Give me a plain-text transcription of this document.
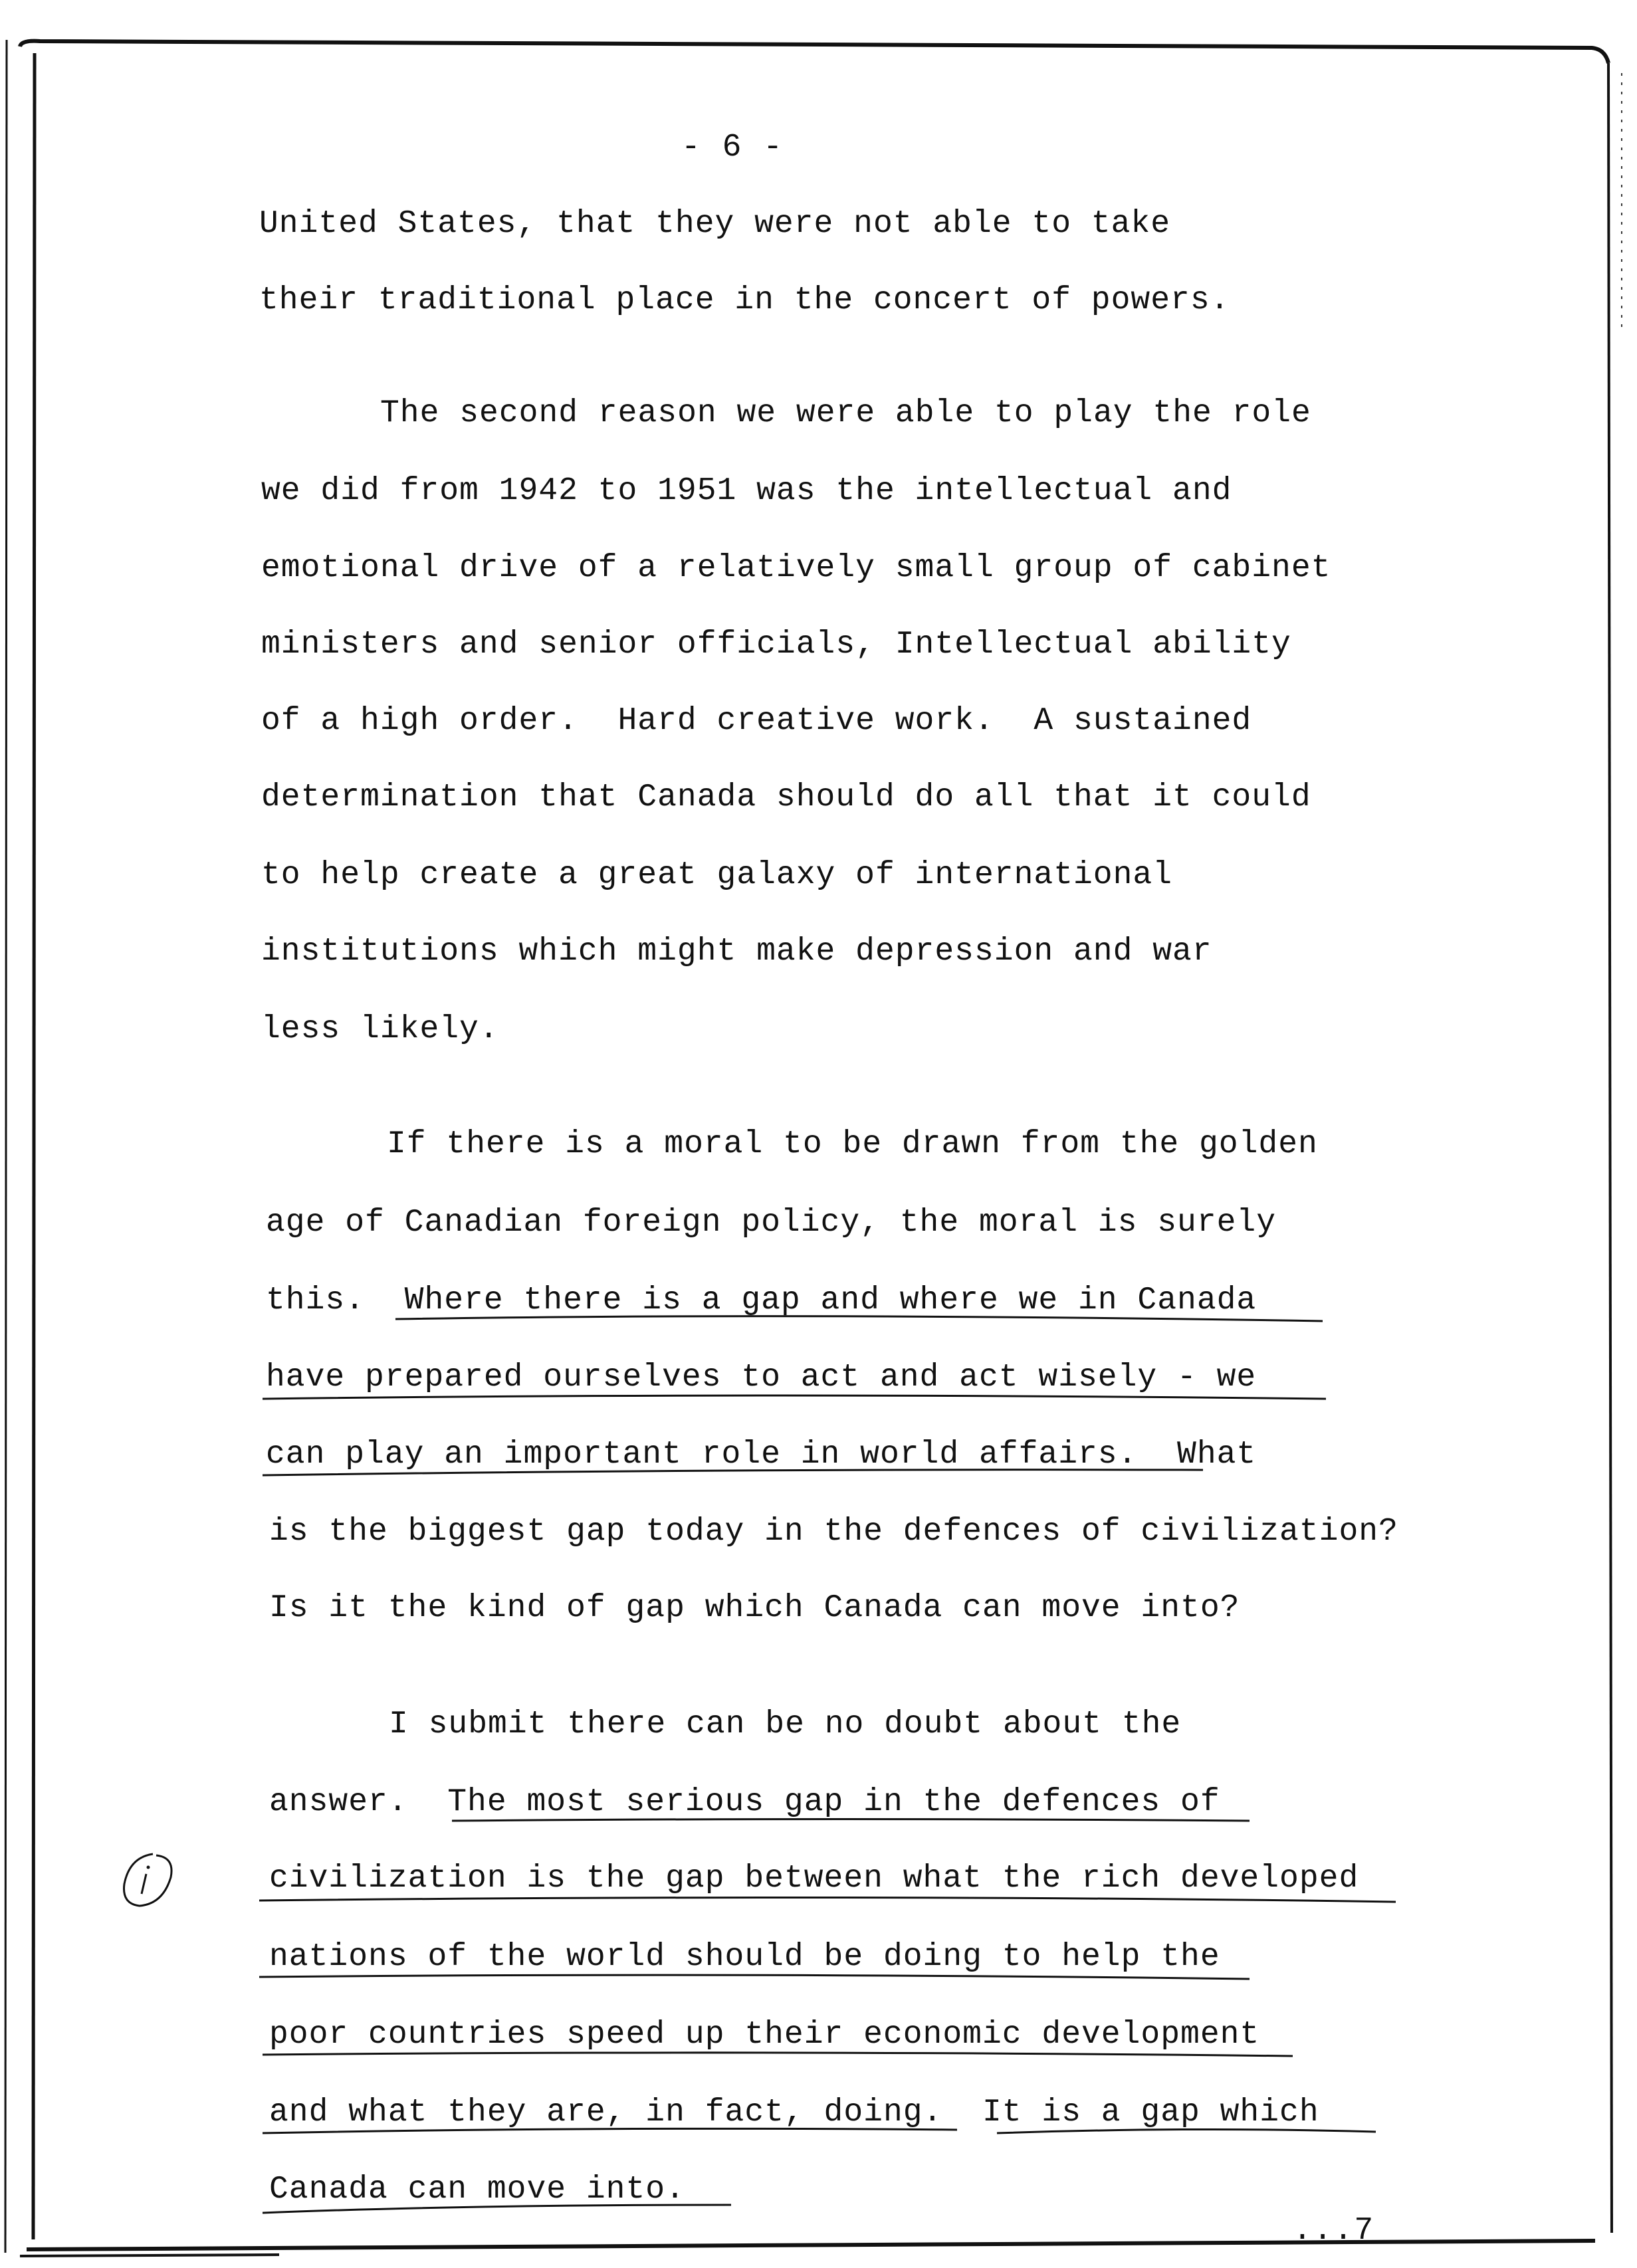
- 6 -
United States, that they were not able to take
their traditional place in the concert of powers.
The second reason we were able to play the role
we did from 1942 to 1951 was the intellectual and
emotional drive of a relatively small group of cabinet
ministers and senior officials, Intellectual ability
of a high order.  Hard creative work.  A sustained
determination that Canada should do all that it could
to help create a great galaxy of international
institutions which might make depression and war
less likely.
If there is a moral to be drawn from the golden
age of Canadian foreign policy, the moral is surely
this.  Where there is a gap and where we in Canada
have prepared ourselves to act and act wisely - we
can play an important role in world affairs.  What
is the biggest gap today in the defences of civilization?
Is it the kind of gap which Canada can move into?
I submit there can be no doubt about the
answer.  The most serious gap in the defences of
civilization is the gap between what the rich developed
nations of the world should be doing to help the
poor countries speed up their economic development
and what they are, in fact, doing.  It is a gap which
Canada can move into.
...7
